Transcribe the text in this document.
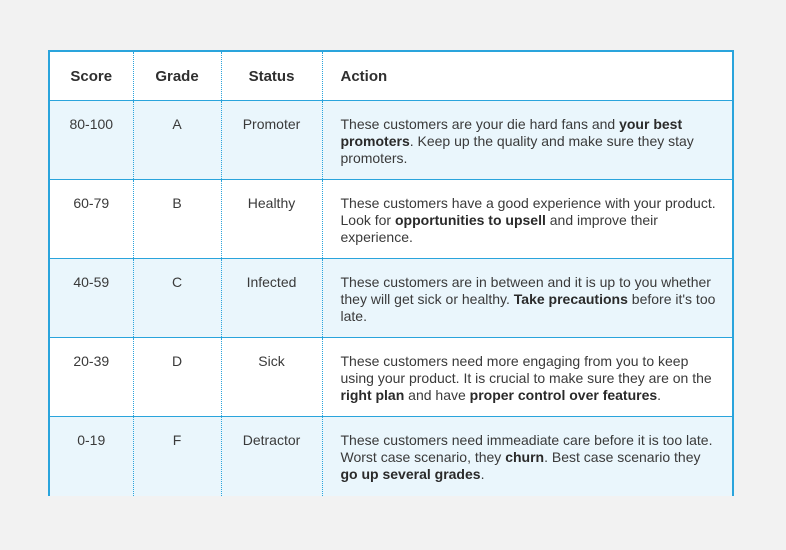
Score	Grade	Status	Action
80-100	A	Promoter	These customers are your die hard fans and your best promoters. Keep up the quality and make sure they stay promoters.
60-79	B	Healthy	These customers have a good experience with your product. Look for opportunities to upsell and improve their experience.
40-59	C	Infected	These customers are in between and it is up to you whether they will get sick or healthy. Take precautions before it's too late.
20-39	D	Sick	These customers need more engaging from you to keep using your product. It is crucial to make sure they are on the right plan and have proper control over features.
0-19	F	Detractor	These customers need immeadiate care before it is too late. Worst case scenario, they churn. Best case scenario they go up several grades.
